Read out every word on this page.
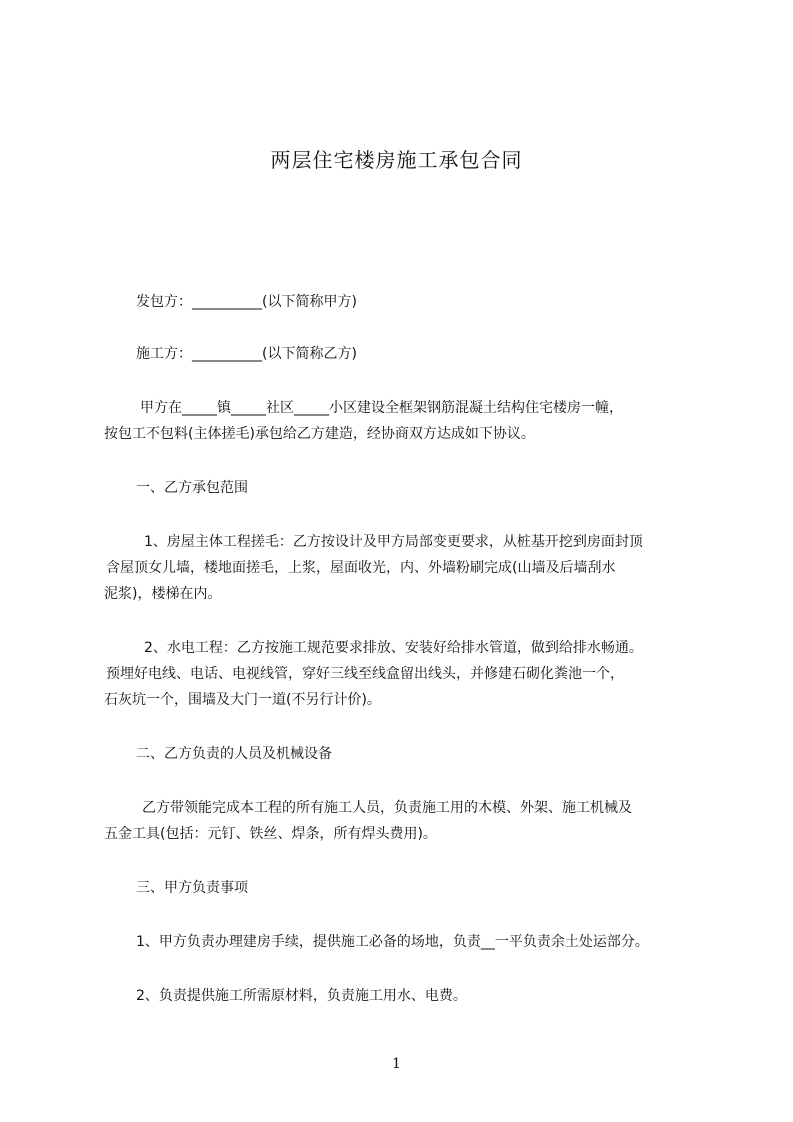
两层住宅楼房施工承包合同
发包方：__________(以下简称甲方)
施工方：__________(以下简称乙方)
甲方在_____镇_____社区_____小区建设全框架钢筋混凝土结构住宅楼房一幢，
按包工不包料(主体搓毛)承包给乙方建造，经协商双方达成如下协议。
一、乙方承包范围
1、房屋主体工程搓毛：乙方按设计及甲方局部变更要求，从桩基开挖到房面封顶
含屋顶女儿墙，楼地面搓毛，上浆，屋面收光，内、外墙粉刷完成(山墙及后墙刮水
泥浆)，楼梯在内。
2、水电工程：乙方按施工规范要求排放、安装好给排水管道，做到给排水畅通。
预埋好电线、电话、电视线管，穿好三线至线盒留出线头，并修建石砌化粪池一个，
石灰坑一个，围墙及大门一道(不另行计价)。
二、乙方负责的人员及机械设备
乙方带领能完成本工程的所有施工人员，负责施工用的木模、外架、施工机械及
五金工具(包括：元钉、铁丝、焊条，所有焊头费用)。
三、甲方负责事项
1、甲方负责办理建房手续，提供施工必备的场地，负责__一平负责余土处运部分。
2、负责提供施工所需原材料，负责施工用水、电费。
1
